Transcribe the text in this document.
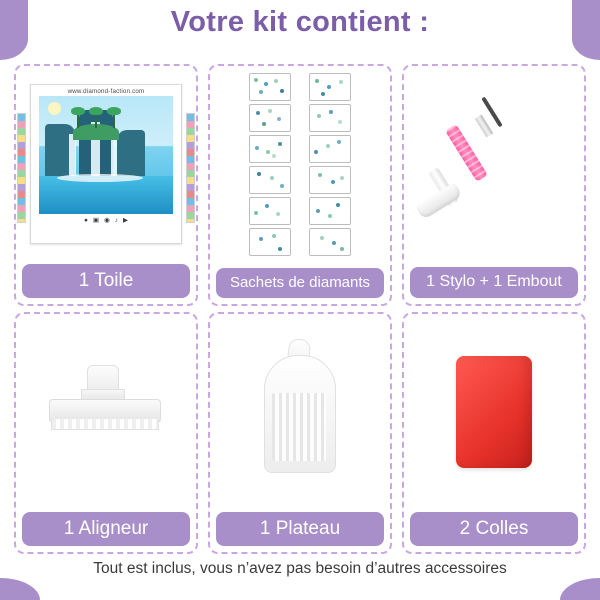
Votre kit contient :
www.diamond-faction.com
● ▣ ◉ ♪ ▶
1 Toile	Sachets de diamants	1 Stylo + 1 Embout
1 Aligneur	1 Plateau	2 Colles
Tout est inclus, vous n’avez pas besoin d’autres accessoires
